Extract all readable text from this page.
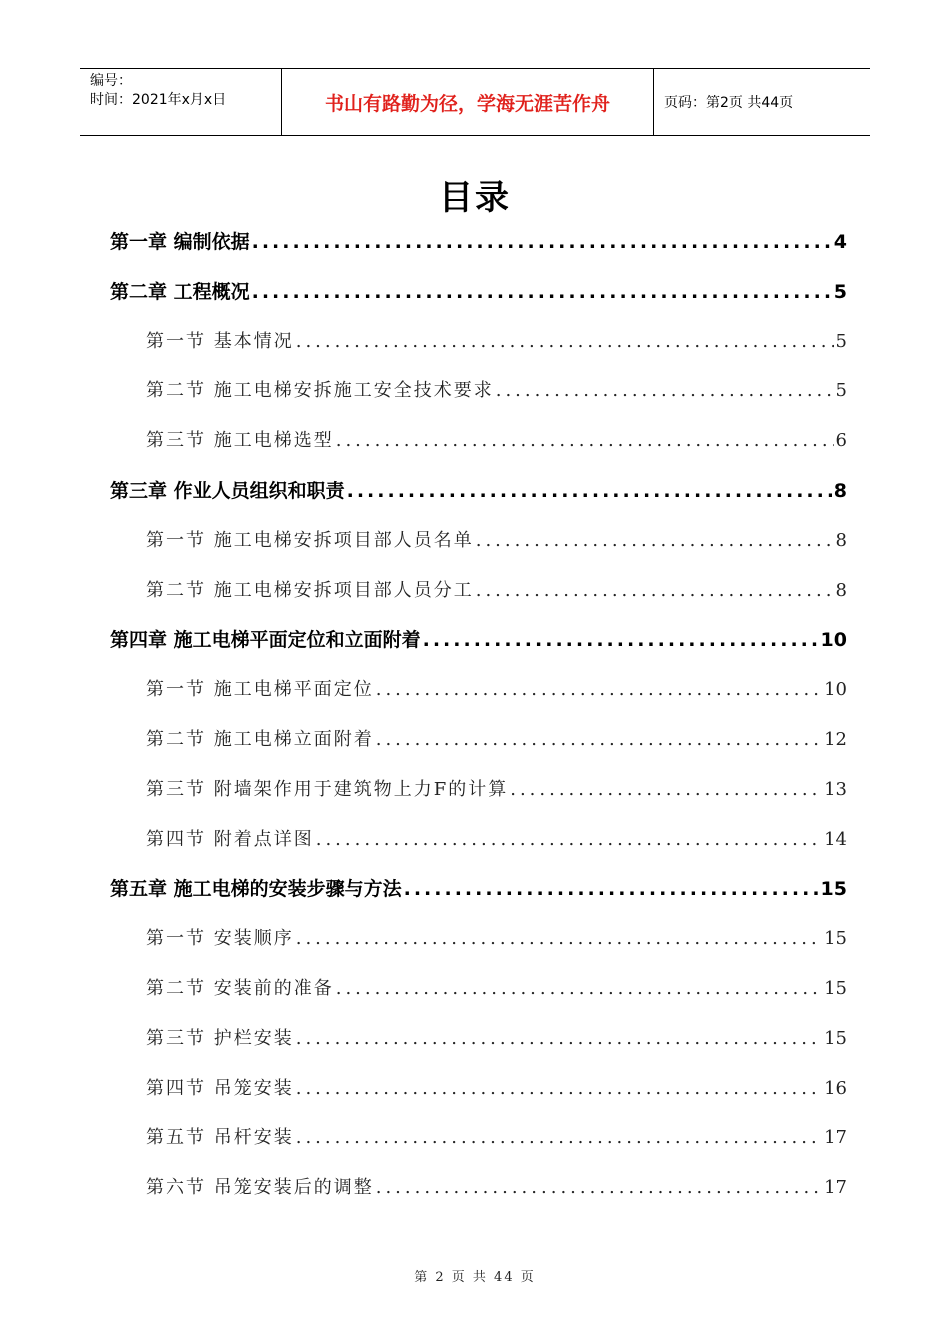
编号：
时间：2021年x月x日	书山有路勤为径，学海无涯苦作舟	页码：第2页 共44页
目录
第一章 编制依据 .....	4
第二章 工程概况 .....	5
第一节 基本情况 .....	5
第二节 施工电梯安拆施工安全技术要求 .....	5
第三节 施工电梯选型 .....	6
第三章 作业人员组织和职责 .....	8
第一节 施工电梯安拆项目部人员名单 .....	8
第二节 施工电梯安拆项目部人员分工 .....	8
第四章 施工电梯平面定位和立面附着 .....	10
第一节 施工电梯平面定位 .....	10
第二节 施工电梯立面附着 .....	12
第三节 附墙架作用于建筑物上力F的计算 .....	13
第四节 附着点详图 .....	14
第五章 施工电梯的安装步骤与方法 .....	15
第一节 安装顺序 .....	15
第二节 安装前的准备 .....	15
第三节 护栏安装 .....	15
第四节 吊笼安装 .....	16
第五节 吊杆安装 .....	17
第六节 吊笼安装后的调整 .....	17
第 2 页 共 44 页
